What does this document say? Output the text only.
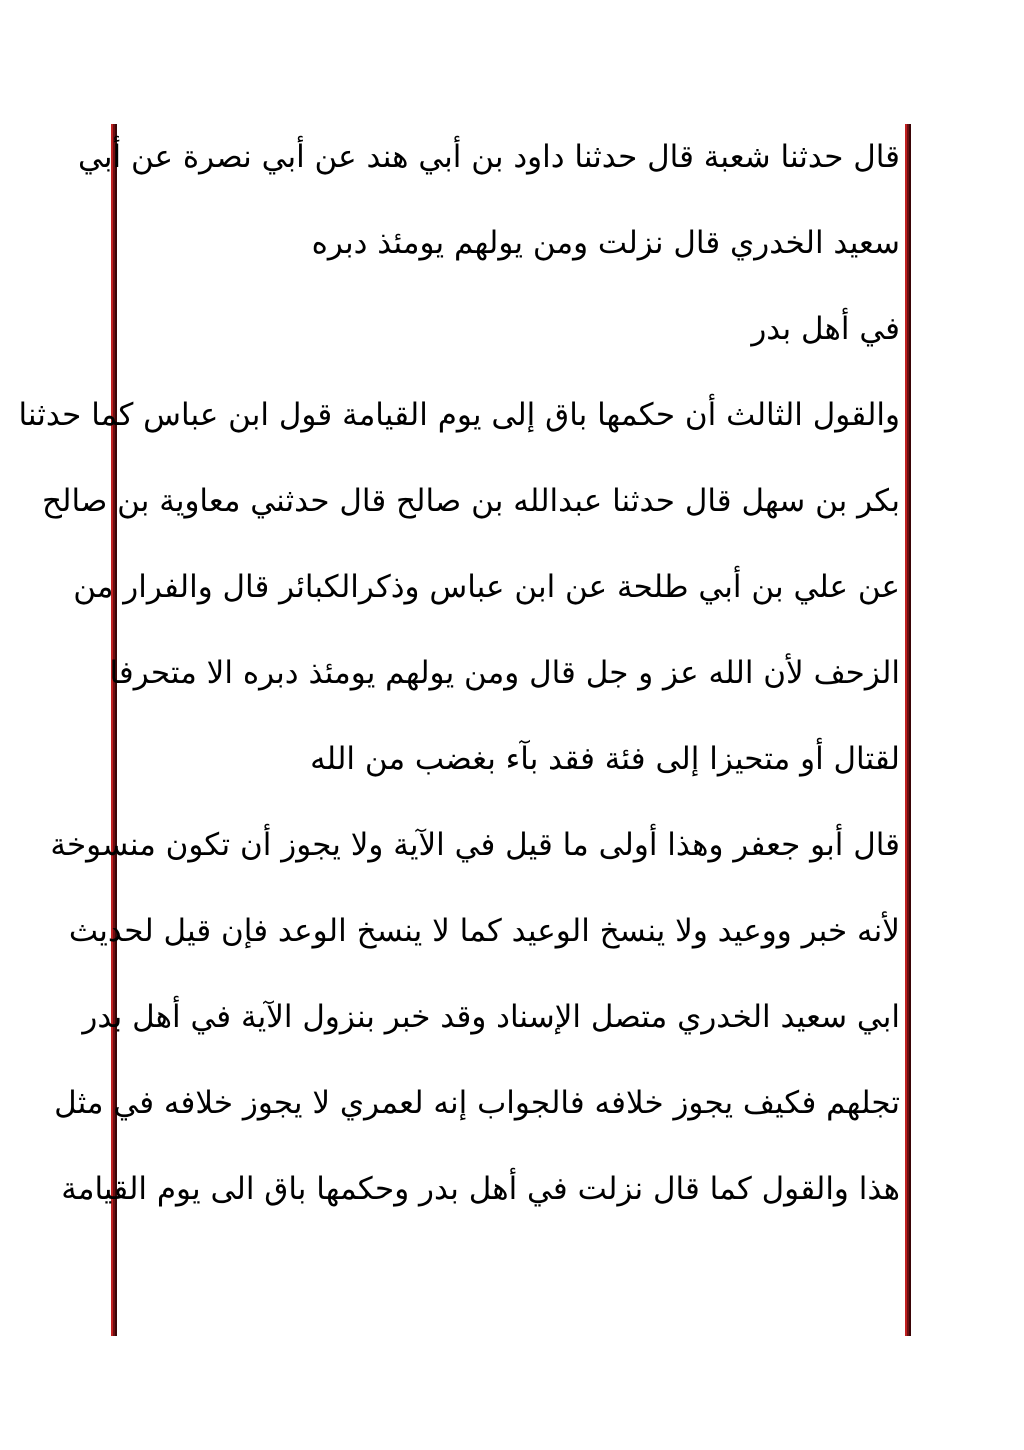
قال حدثنا شعبة قال حدثنا داود بن أبي هند عن أبي نصرة عن أبي
سعيد الخدري قال نزلت ومن يولهم يومئذ دبره
في أهل بدر
والقول الثالث أن حكمها باق إلى يوم القيامة قول ابن عباس كما حدثنا
بكر بن سهل قال حدثنا عبدالله بن صالح قال حدثني معاوية بن صالح
عن علي بن أبي طلحة عن ابن عباس وذكرالكبائر قال والفرار من
الزحف لأن الله عز و جل قال ومن يولهم يومئذ دبره الا متحرفا
لقتال أو متحيزا إلى فئة فقد بآء بغضب من الله
قال أبو جعفر وهذا أولى ما قيل في الآية ولا يجوز أن تكون منسوخة
لأنه خبر ووعيد ولا ينسخ الوعيد كما لا ينسخ الوعد فإن قيل لحديث
ابي سعيد الخدري متصل الإسناد وقد خبر بنزول الآية في أهل بدر
تجلهم فكيف يجوز خلافه فالجواب إنه لعمري لا يجوز خلافه في مثل
هذا والقول كما قال نزلت في أهل بدر وحكمها باق الى يوم القيامة
